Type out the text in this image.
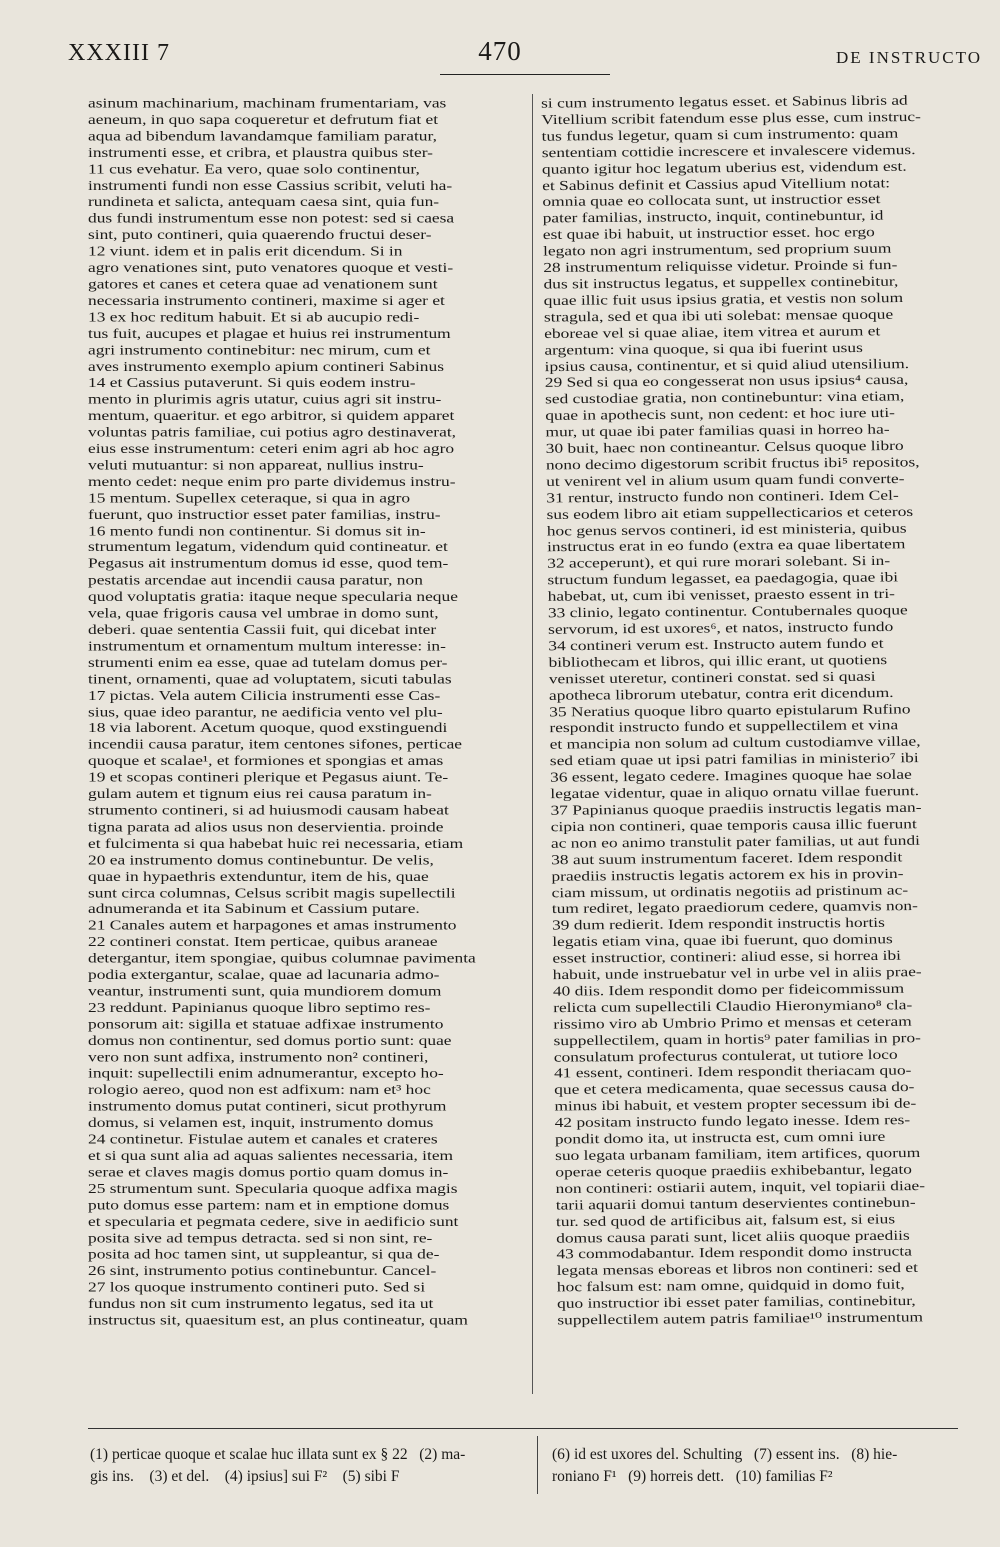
XXXIII 7	470	DE INSTRUCTO
asinum machinarium, machinam frumentariam, vas
aeneum, in quo sapa coqueretur et defrutum fiat et
aqua ad bibendum lavandamque familiam paratur,
instrumenti esse, et cribra, et plaustra quibus ster-
11 cus evehatur. Ea vero, quae solo continentur,
instrumenti fundi non esse Cassius scribit, veluti ha-
rundineta et salicta, antequam caesa sint, quia fun-
dus fundi instrumentum esse non potest: sed si caesa
sint, puto contineri, quia quaerendo fructui deser-
12 viunt. idem et in palis erit dicendum. Si in
agro venationes sint, puto venatores quoque et vesti-
gatores et canes et cetera quae ad venationem sunt
necessaria instrumento contineri, maxime si ager et
13 ex hoc reditum habuit. Et si ab aucupio redi-
tus fuit, aucupes et plagae et huius rei instrumentum
agri instrumento continebitur: nec mirum, cum et
aves instrumento exemplo apium contineri Sabinus
14 et Cassius putaverunt. Si quis eodem instru-
mento in plurimis agris utatur, cuius agri sit instru-
mentum, quaeritur. et ego arbitror, si quidem apparet
voluntas patris familiae, cui potius agro destinaverat,
eius esse instrumentum: ceteri enim agri ab hoc agro
veluti mutuantur: si non appareat, nullius instru-
mento cedet: neque enim pro parte dividemus instru-
15 mentum. Supellex ceteraque, si qua in agro
fuerunt, quo instructior esset pater familias, instru-
16 mento fundi non continentur. Si domus sit in-
strumentum legatum, videndum quid contineatur. et
Pegasus ait instrumentum domus id esse, quod tem-
pestatis arcendae aut incendii causa paratur, non
quod voluptatis gratia: itaque neque specularia neque
vela, quae frigoris causa vel umbrae in domo sunt,
deberi. quae sententia Cassii fuit, qui dicebat inter
instrumentum et ornamentum multum interesse: in-
strumenti enim ea esse, quae ad tutelam domus per-
tinent, ornamenti, quae ad voluptatem, sicuti tabulas
17 pictas. Vela autem Cilicia instrumenti esse Cas-
sius, quae ideo parantur, ne aedificia vento vel plu-
18 via laborent. Acetum quoque, quod exstinguendi
incendii causa paratur, item centones sifones, perticae
quoque et scalae¹, et formiones et spongias et amas
19 et scopas contineri plerique et Pegasus aiunt. Te-
gulam autem et tignum eius rei causa paratum in-
strumento contineri, si ad huiusmodi causam habeat
tigna parata ad alios usus non deservientia. proinde
et fulcimenta si qua habebat huic rei necessaria, etiam
20 ea instrumento domus continebuntur. De velis,
quae in hypaethris extenduntur, item de his, quae
sunt circa columnas, Celsus scribit magis supellectili
adnumeranda et ita Sabinum et Cassium putare.
21 Canales autem et harpagones et amas instrumento
22 contineri constat. Item perticae, quibus araneae
detergantur, item spongiae, quibus columnae pavimenta
podia extergantur, scalae, quae ad lacunaria admo-
veantur, instrumenti sunt, quia mundiorem domum
23 reddunt. Papinianus quoque libro septimo res-
ponsorum ait: sigilla et statuae adfixae instrumento
domus non continentur, sed domus portio sunt: quae
vero non sunt adfixa, instrumento non² contineri,
inquit: supellectili enim adnumerantur, excepto ho-
rologio aereo, quod non est adfixum: nam et³ hoc
instrumento domus putat contineri, sicut prothyrum
domus, si velamen est, inquit, instrumento domus
24 continetur. Fistulae autem et canales et crateres
et si qua sunt alia ad aquas salientes necessaria, item
serae et claves magis domus portio quam domus in-
25 strumentum sunt. Specularia quoque adfixa magis
puto domus esse partem: nam et in emptione domus
et specularia et pegmata cedere, sive in aedificio sunt
posita sive ad tempus detracta. sed si non sint, re-
posita ad hoc tamen sint, ut suppleantur, si qua de-
26 sint, instrumento potius continebuntur. Cancel-
27 los quoque instrumento contineri puto. Sed si
fundus non sit cum instrumento legatus, sed ita ut
instructus sit, quaesitum est, an plus contineatur, quam
si cum instrumento legatus esset. et Sabinus libris ad
Vitellium scribit fatendum esse plus esse, cum instruc-
tus fundus legetur, quam si cum instrumento: quam
sententiam cottidie increscere et invalescere videmus.
quanto igitur hoc legatum uberius est, videndum est.
et Sabinus definit et Cassius apud Vitellium notat:
omnia quae eo collocata sunt, ut instructior esset
pater familias, instructo, inquit, continebuntur, id
est quae ibi habuit, ut instructior esset. hoc ergo
legato non agri instrumentum, sed proprium suum
28 instrumentum reliquisse videtur. Proinde si fun-
dus sit instructus legatus, et suppellex continebitur,
quae illic fuit usus ipsius gratia, et vestis non solum
stragula, sed et qua ibi uti solebat: mensae quoque
eboreae vel si quae aliae, item vitrea et aurum et
argentum: vina quoque, si qua ibi fuerint usus
ipsius causa, continentur, et si quid aliud utensilium.
29 Sed si qua eo congesserat non usus ipsius⁴ causa,
sed custodiae gratia, non continebuntur: vina etiam,
quae in apothecis sunt, non cedent: et hoc iure uti-
mur, ut quae ibi pater familias quasi in horreo ha-
30 buit, haec non contineantur. Celsus quoque libro
nono decimo digestorum scribit fructus ibi⁵ repositos,
ut venirent vel in alium usum quam fundi converte-
31 rentur, instructo fundo non contineri. Idem Cel-
sus eodem libro ait etiam suppellecticarios et ceteros
hoc genus servos contineri, id est ministeria, quibus
instructus erat in eo fundo (extra ea quae libertatem
32 acceperunt), et qui rure morari solebant. Si in-
structum fundum legasset, ea paedagogia, quae ibi
habebat, ut, cum ibi venisset, praesto essent in tri-
33 clinio, legato continentur. Contubernales quoque
servorum, id est uxores⁶, et natos, instructo fundo
34 contineri verum est. Instructo autem fundo et
bibliothecam et libros, qui illic erant, ut quotiens
venisset uteretur, contineri constat. sed si quasi
apotheca librorum utebatur, contra erit dicendum.
35 Neratius quoque libro quarto epistularum Rufino
respondit instructo fundo et suppellectilem et vina
et mancipia non solum ad cultum custodiamve villae,
sed etiam quae ut ipsi patri familias in ministerio⁷ ibi
36 essent, legato cedere. Imagines quoque hae solae
legatae videntur, quae in aliquo ornatu villae fuerunt.
37 Papinianus quoque praediis instructis legatis man-
cipia non contineri, quae temporis causa illic fuerunt
ac non eo animo transtulit pater familias, ut aut fundi
38 aut suum instrumentum faceret. Idem respondit
praediis instructis legatis actorem ex his in provin-
ciam missum, ut ordinatis negotiis ad pristinum ac-
tum rediret, legato praediorum cedere, quamvis non-
39 dum redierit. Idem respondit instructis hortis
legatis etiam vina, quae ibi fuerunt, quo dominus
esset instructior, contineri: aliud esse, si horrea ibi
habuit, unde instruebatur vel in urbe vel in aliis prae-
40 diis. Idem respondit domo per fideicommissum
relicta cum supellectili Claudio Hieronymiano⁸ cla-
rissimo viro ab Umbrio Primo et mensas et ceteram
suppellectilem, quam in hortis⁹ pater familias in pro-
consulatum profecturus contulerat, ut tutiore loco
41 essent, contineri. Idem respondit theriacam quo-
que et cetera medicamenta, quae secessus causa do-
minus ibi habuit, et vestem propter secessum ibi de-
42 positam instructo fundo legato inesse. Idem res-
pondit domo ita, ut instructa est, cum omni iure
suo legata urbanam familiam, item artifices, quorum
operae ceteris quoque praediis exhibebantur, legato
non contineri: ostiarii autem, inquit, vel topiarii diae-
tarii aquarii domui tantum deservientes continebun-
tur. sed quod de artificibus ait, falsum est, si eius
domus causa parati sunt, licet aliis quoque praediis
43 commodabantur. Idem respondit domo instructa
legata mensas eboreas et libros non contineri: sed et
hoc falsum est: nam omne, quidquid in domo fuit,
quo instructior ibi esset pater familias, continebitur,
suppellectilem autem patris familiae¹⁰ instrumentum
(1) perticae quoque et scalae huc illata sunt ex § 22   (2) ma-
gis ins.    (3) et del.    (4) ipsius] sui F²    (5) sibi F
(6) id est uxores del. Schulting   (7) essent ins.   (8) hie-
roniano F¹   (9) horreis dett.   (10) familias F²
